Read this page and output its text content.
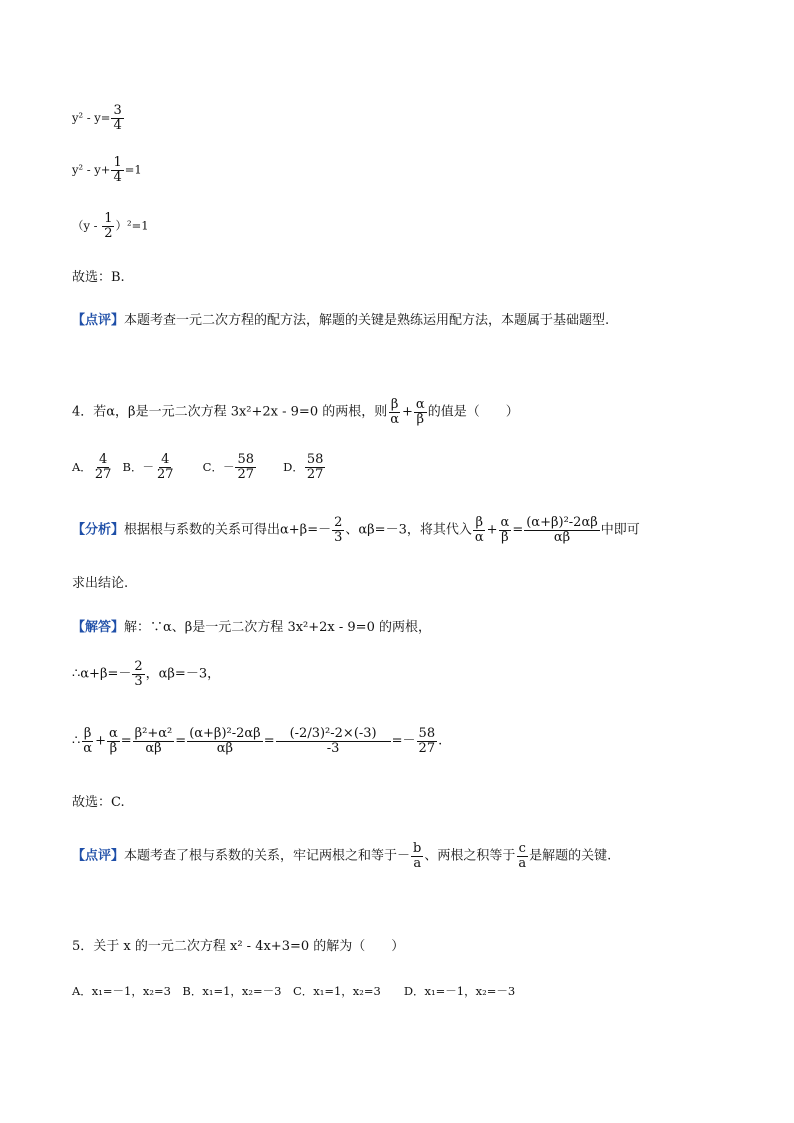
$y^2 - y= \frac{3}{4}$
$y^2 - y+ \frac{1}{4} =1$
$(y - \frac{1}{2} )^2=1$
故选：B.
【点评】本题考查一元二次方程的配方法，解题的关键是熟练运用配方法，本题属于基础题型.
4．若α，β是一元二次方程 3x²+2x - 9=0 的两根，则 $\frac{\beta}{\alpha} + \frac{\alpha}{\beta}$ 的值是（　　）
A． $\frac{4}{27}$ B．－ $\frac{4}{27}$ C．－ $\frac{58}{27}$ D． $\frac{58}{27}$
【分析】根据根与系数的关系可得出$\alpha+\beta=- \frac{2}{3}$ 、αβ=－3，将其代入 $\frac{\beta}{\alpha} + \frac{\alpha}{\beta} = \frac{\text{(α+β)²-2αβ}}{\alpha\beta}$ 中即可
求出结论.
【解答】解：∵α、β是一元二次方程 3x²+2x - 9=0 的两根，
∴α+β=－ $\frac{2}{3}$ ，αβ=－3，
∴ $\frac{\beta}{\alpha} + \frac{\alpha}{\beta} = \frac{\text{β²+α²}}{\alpha\beta} = \frac{\text{(α+β)²-2αβ}}{\alpha\beta} = \frac{\text{(-2/3)²-2×(-3)}}{-3} =- \frac{58}{27}$ .
故选：C.
【点评】本题考查了根与系数的关系，牢记两根之和等于－ $\frac{b}{a}$ 、两根之积等于 $\frac{c}{a}$ 是解题的关键.
5．关于 x 的一元二次方程 x² - 4x+3=0 的解为（　　）
A．x₁=－1，x₂=3　B．x₁=1，x₂=－3　C．x₁=1，x₂=3　　D．x₁=－1，x₂=－3
